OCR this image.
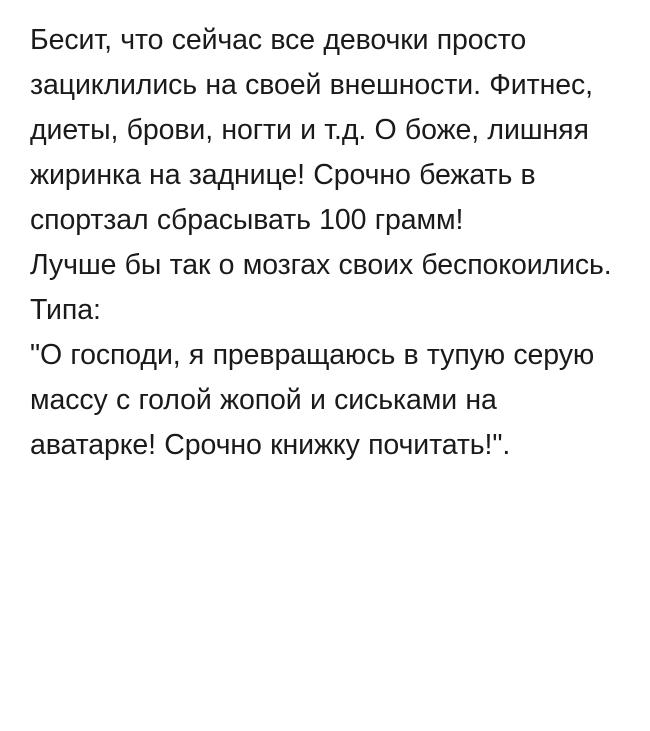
Бесит, что сейчас все девочки просто зациклились на своей внешности. Фитнес, диеты, брови, ногти и т.д. О боже, лишняя жиринка на заднице! Срочно бежать в спортзал сбрасывать 100 грамм!

Лучше бы так о мозгах своих беспокоились. Типа:

"О господи, я превращаюсь в тупую серую массу с голой жопой и сиськами на аватарке! Срочно книжку почитать!".
